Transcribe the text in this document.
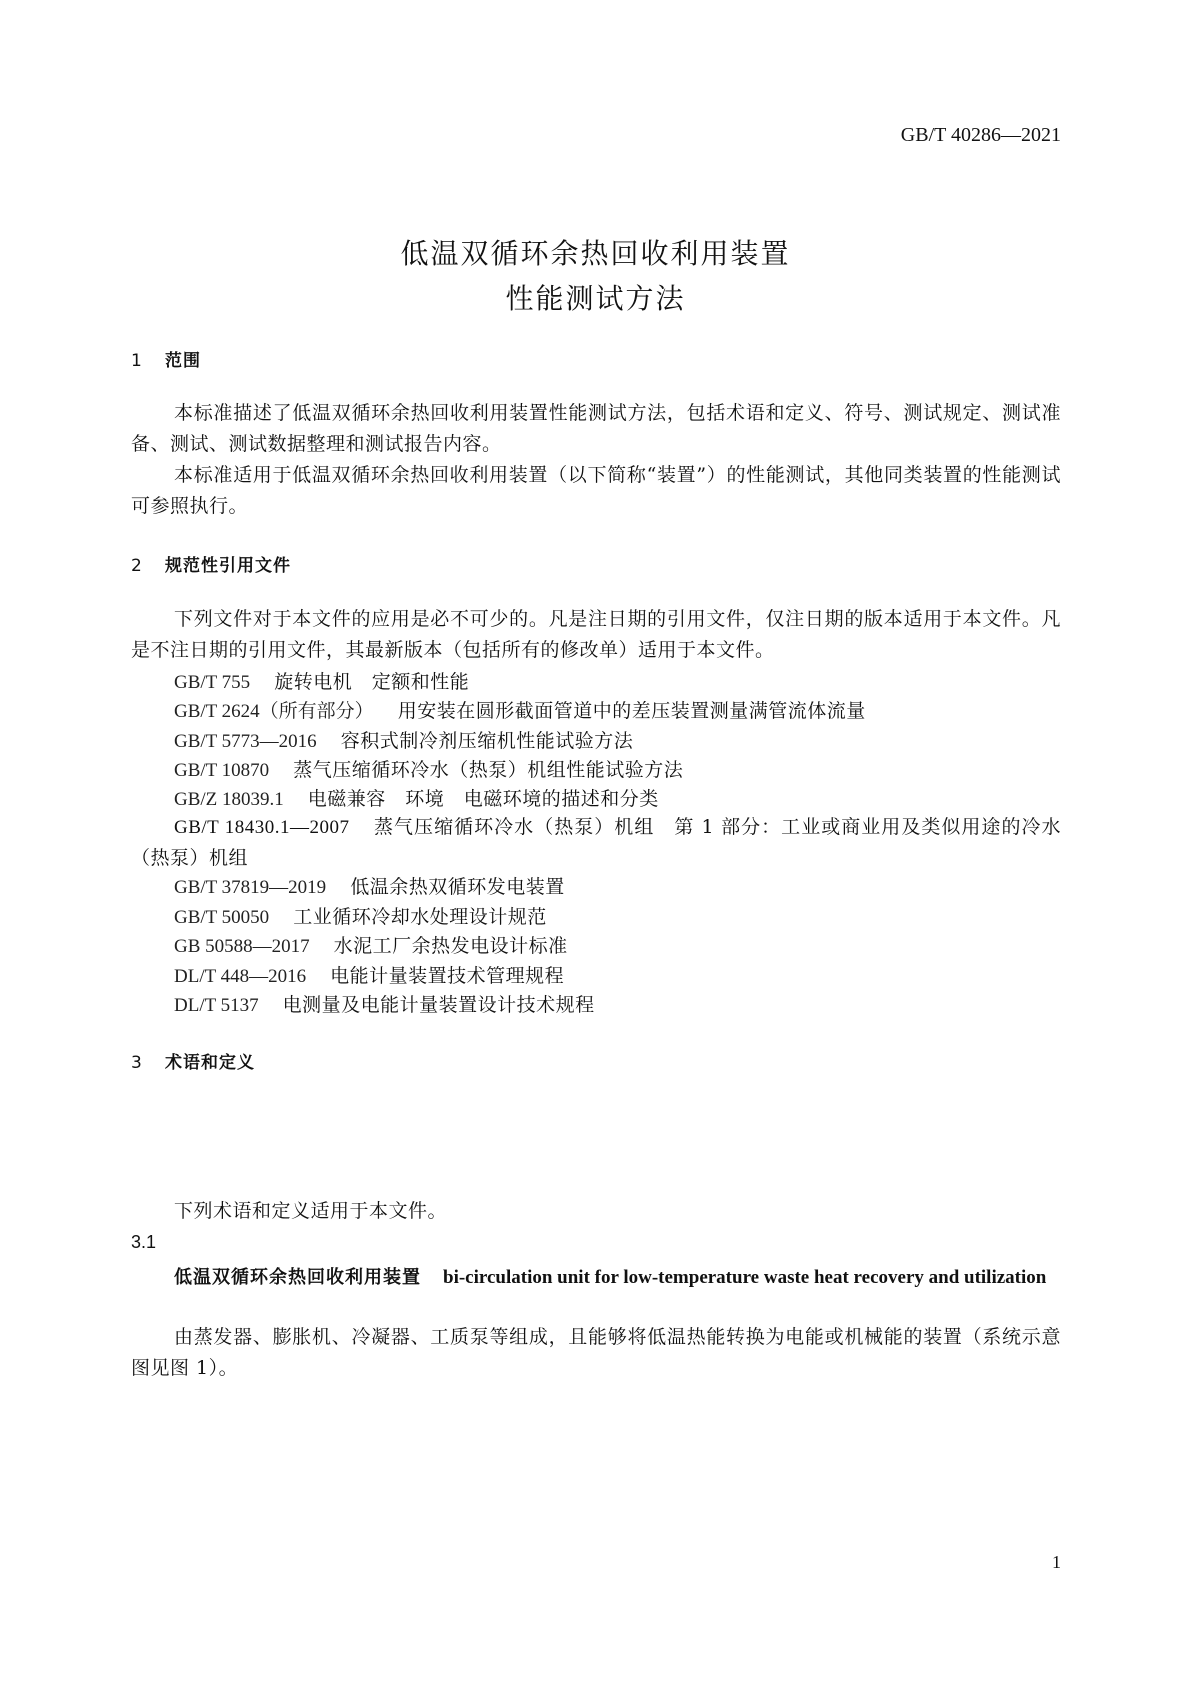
GB/T 40286—2021
低温双循环余热回收利用装置
性能测试方法
1 范围
本标准描述了低温双循环余热回收利用装置性能测试方法，包括术语和定义、符号、测试规定、测试准备、测试、测试数据整理和测试报告内容。
本标准适用于低温双循环余热回收利用装置（以下简称“装置”）的性能测试，其他同类装置的性能测试可参照执行。
2 规范性引用文件
下列文件对于本文件的应用是必不可少的。凡是注日期的引用文件，仅注日期的版本适用于本文件。凡是不注日期的引用文件，其最新版本（包括所有的修改单）适用于本文件。
GB/T 755 旋转电机　定额和性能
GB/T 2624（所有部分） 用安装在圆形截面管道中的差压装置测量满管流体流量
GB/T 5773—2016 容积式制冷剂压缩机性能试验方法
GB/T 10870 蒸气压缩循环冷水（热泵）机组性能试验方法
GB/Z 18039.1 电磁兼容　环境　电磁环境的描述和分类
GB/T 18430.1—2007 蒸气压缩循环冷水（热泵）机组　第 1 部分：工业或商业用及类似用途的冷水（热泵）机组
GB/T 37819—2019 低温余热双循环发电装置
GB/T 50050 工业循环冷却水处理设计规范
GB 50588—2017 水泥工厂余热发电设计标准
DL/T 448—2016 电能计量装置技术管理规程
DL/T 5137 电测量及电能计量装置设计技术规程
3 术语和定义
下列术语和定义适用于本文件。
3.1
低温双循环余热回收利用装置 bi-circulation unit for low-temperature waste heat recovery and utilization
由蒸发器、膨胀机、冷凝器、工质泵等组成，且能够将低温热能转换为电能或机械能的装置（系统示意图见图 1）。
1
